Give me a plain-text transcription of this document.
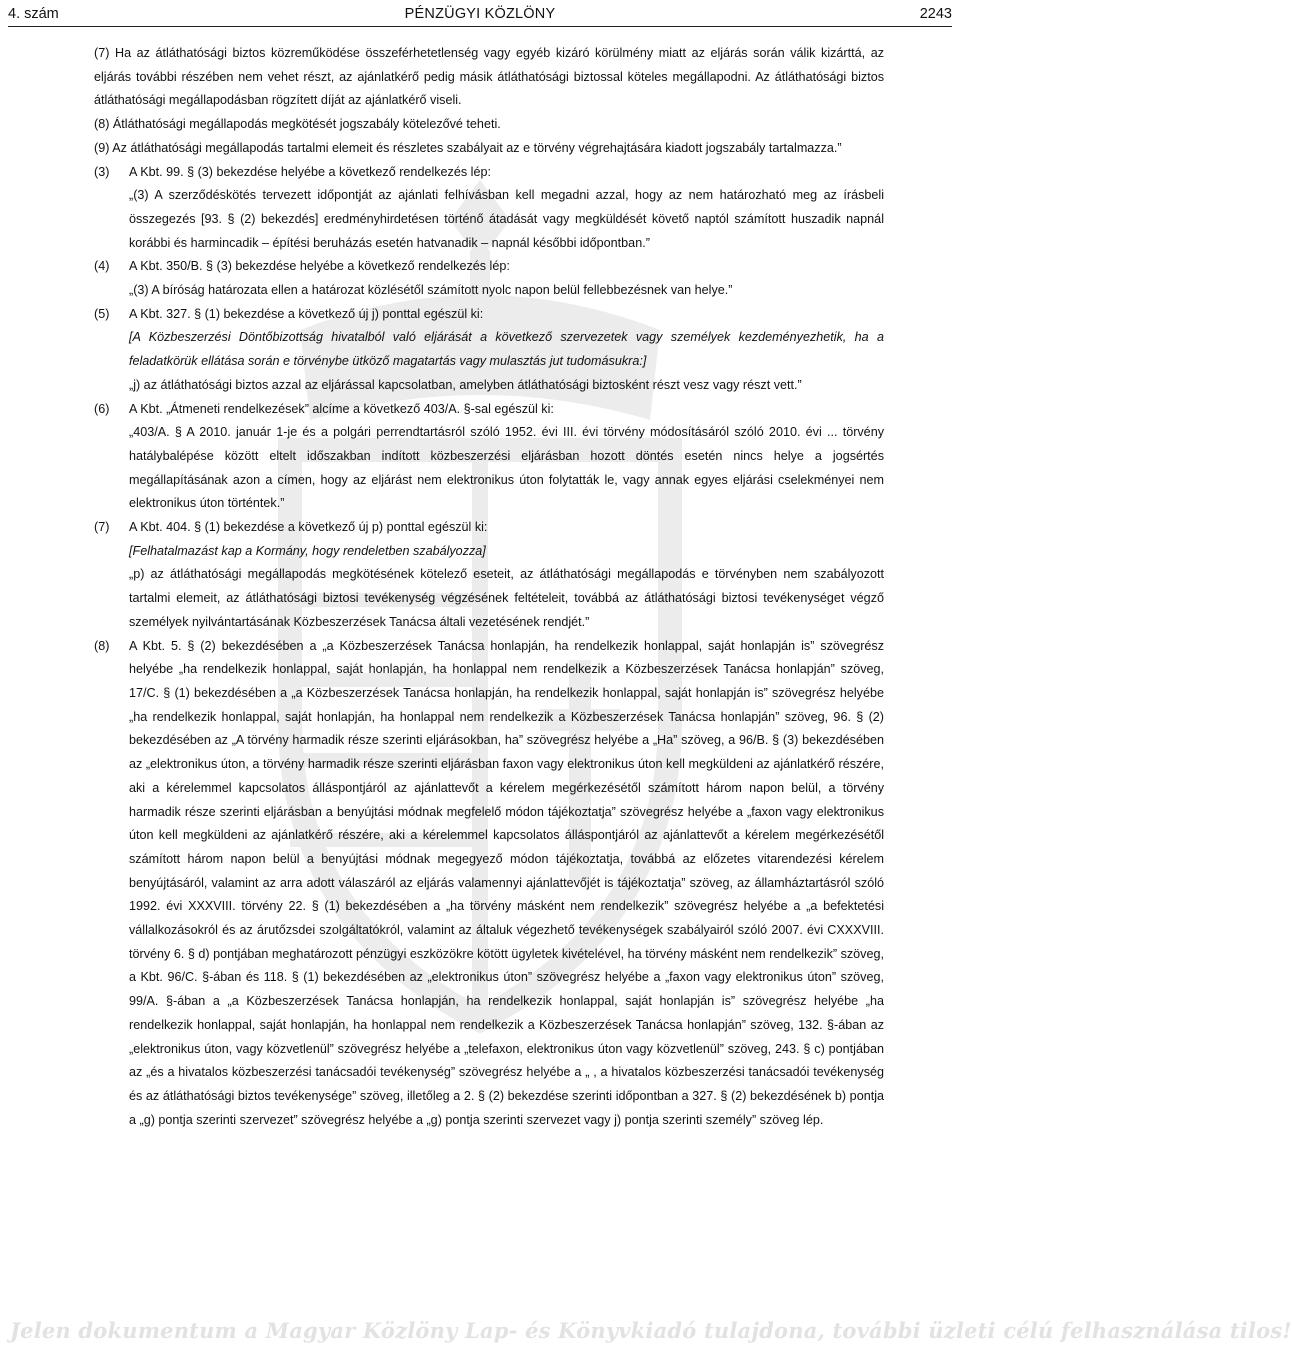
4. szám	PÉNZÜGYI KÖZLÖNY	2243

(7) Ha az átláthatósági biztos közreműködése összeférhetetlenség vagy egyéb kizáró körülmény miatt az eljárás során válik kizárttá, az eljárás további részében nem vehet részt, az ajánlatkérő pedig másik átláthatósági biztossal köteles megállapodni. Az átláthatósági biztos átláthatósági megállapodásban rögzített díját az ajánlatkérő viseli.

(8) Átláthatósági megállapodás megkötését jogszabály kötelezővé teheti.

(9) Az átláthatósági megállapodás tartalmi elemeit és részletes szabályait az e törvény végrehajtására kiadott jogszabály tartalmazza.”

(3)	A Kbt. 99. § (3) bekezdése helyébe a következő rendelkezés lép:

„(3) A szerződéskötés tervezett időpontját az ajánlati felhívásban kell megadni azzal, hogy az nem határozható meg az írásbeli összegezés [93. § (2) bekezdés] eredményhirdetésen történő átadását vagy megküldését követő naptól számított huszadik napnál korábbi és harmincadik – építési beruházás esetén hatvanadik – napnál későbbi időpontban.”

(4)	A Kbt. 350/B. § (3) bekezdése helyébe a következő rendelkezés lép:

„(3) A bíróság határozata ellen a határozat közlésétől számított nyolc napon belül fellebbezésnek van helye.”

(5)	A Kbt. 327. § (1) bekezdése a következő új j) ponttal egészül ki:

[A Közbeszerzési Döntőbizottság hivatalból való eljárását a következő szervezetek vagy személyek kezdeményezhetik, ha a feladatkörük ellátása során e törvénybe ütköző magatartás vagy mulasztás jut tudomásukra:]

„j) az átláthatósági biztos azzal az eljárással kapcsolatban, amelyben átláthatósági biztosként részt vesz vagy részt vett.”

(6)	A Kbt. „Átmeneti rendelkezések” alcíme a következő 403/A. §-sal egészül ki:

„403/A. § A 2010. január 1-je és a polgári perrendtartásról szóló 1952. évi III. évi törvény módosításáról szóló 2010. évi ... törvény hatálybalépése között eltelt időszakban indított közbeszerzési eljárásban hozott döntés esetén nincs helye a jogsértés megállapításának azon a címen, hogy az eljárást nem elektronikus úton folytatták le, vagy annak egyes eljárási cselekményei nem elektronikus úton történtek.”

(7)	A Kbt. 404. § (1) bekezdése a következő új p) ponttal egészül ki:

[Felhatalmazást kap a Kormány, hogy rendeletben szabályozza]

„p) az átláthatósági megállapodás megkötésének kötelező eseteit, az átláthatósági megállapodás e törvényben nem szabályozott tartalmi elemeit, az átláthatósági biztosi tevékenység végzésének feltételeit, továbbá az átláthatósági biztosi tevékenységet végző személyek nyilvántartásának Közbeszerzések Tanácsa általi vezetésének rendjét.”

(8)	A Kbt. 5. § (2) bekezdésében a „a Közbeszerzések Tanácsa honlapján, ha rendelkezik honlappal, saját honlapján is” szövegrész helyébe „ha rendelkezik honlappal, saját honlapján, ha honlappal nem rendelkezik a Közbeszerzések Tanácsa honlapján” szöveg, 17/C. § (1) bekezdésében a „a Közbeszerzések Tanácsa honlapján, ha rendelkezik honlappal, saját honlapján is” szövegrész helyébe „ha rendelkezik honlappal, saját honlapján, ha honlappal nem rendelkezik a Közbeszerzések Tanácsa honlapján” szöveg, 96. § (2) bekezdésében az „A törvény harmadik része szerinti eljárásokban, ha” szövegrész helyébe a „Ha” szöveg, a 96/B. § (3) bekezdésében az „elektronikus úton, a törvény harmadik része szerinti eljárásban faxon vagy elektronikus úton kell megküldeni az ajánlatkérő részére, aki a kérelemmel kapcsolatos álláspontjáról az ajánlattevőt a kérelem megérkezésétől számított három napon belül, a törvény harmadik része szerinti eljárásban a benyújtási módnak megfelelő módon tájékoztatja” szövegrész helyébe a „faxon vagy elektronikus úton kell megküldeni az ajánlatkérő részére, aki a kérelemmel kapcsolatos álláspontjáról az ajánlattevőt a kérelem megérkezésétől számított három napon belül a benyújtási módnak megegyező módon tájékoztatja, továbbá az előzetes vitarendezési kérelem benyújtásáról, valamint az arra adott válaszáról az eljárás valamennyi ajánlattevőjét is tájékoztatja” szöveg, az államháztartásról szóló 1992. évi XXXVIII. törvény 22. § (1) bekezdésében a „ha törvény másként nem rendelkezik” szövegrész helyébe a „a befektetési vállalkozásokról és az árutőzsdei szolgáltatókról, valamint az általuk végezhető tevékenységek szabályairól szóló 2007. évi CXXXVIII. törvény 6. § d) pontjában meghatározott pénzügyi eszközökre kötött ügyletek kivételével, ha törvény másként nem rendelkezik” szöveg, a Kbt. 96/C. §-ában és 118. § (1) bekezdésében az „elektronikus úton” szövegrész helyébe a „faxon vagy elektronikus úton” szöveg, 99/A. §-ában a „a Közbeszerzések Tanácsa honlapján, ha rendelkezik honlappal, saját honlapján is” szövegrész helyébe „ha rendelkezik honlappal, saját honlapján, ha honlappal nem rendelkezik a Közbeszerzések Tanácsa honlapján” szöveg, 132. §-ában az „elektronikus úton, vagy közvetlenül” szövegrész helyébe a „telefaxon, elektronikus úton vagy közvetlenül” szöveg, 243. § c) pontjában az „és a hivatalos közbeszerzési tanácsadói tevékenység” szövegrész helyébe a „ , a hivatalos közbeszerzési tanácsadói tevékenység és az átláthatósági biztos tevékenysége” szöveg, illetőleg a 2. § (2) bekezdése szerinti időpontban a 327. § (2) bekezdésének b) pontja a „g) pontja szerinti szervezet” szövegrész helyébe a „g) pontja szerinti szervezet vagy j) pontja szerinti személy” szöveg lép.

Jelen dokumentum a Magyar Közlöny Lap- és Könyvkiadó tulajdona, további üzleti célú felhasználása tilos!
